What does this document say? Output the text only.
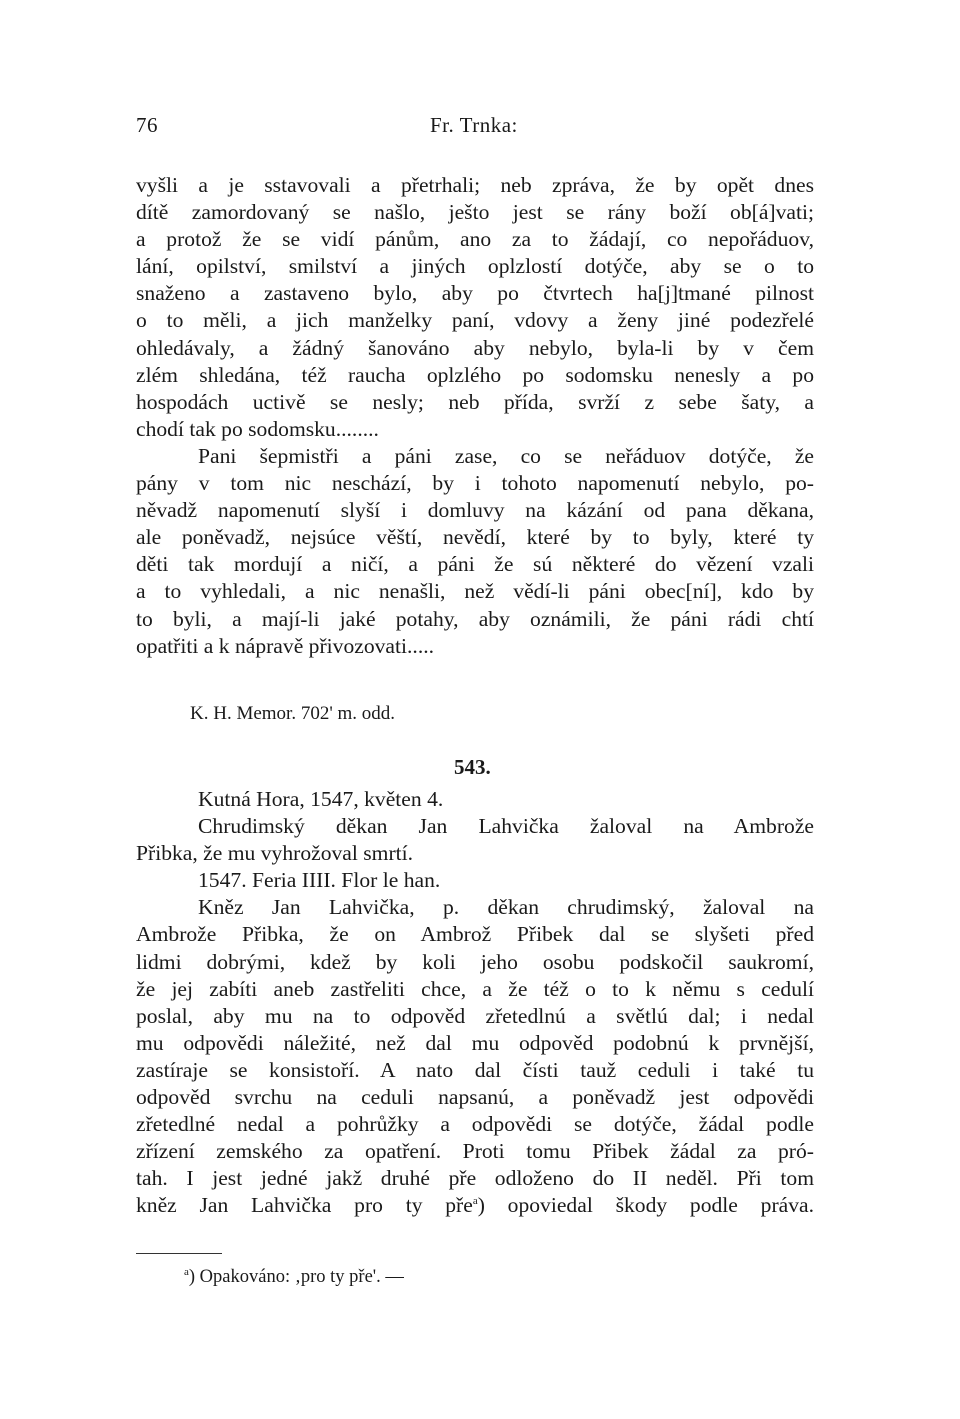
76	Fr. Trnka:
vyšli a je sstavovali a přetrhali; neb zpráva, že by opět dnes
dítě zamordovaný se našlo, ješto jest se rány boží ob[á]vati;
a protož že se vidí pánům, ano za to žádají, co nepořáduov,
lání, opilství, smilství a jiných oplzlostí dotýče, aby se o to
snaženo a zastaveno bylo, aby po čtvrtech ha[j]tmané pilnost
o to měli, a jich manželky paní, vdovy a ženy jiné podezřelé
ohledávaly, a žádný šanováno aby nebylo, byla-li by v čem
zlém shledána, též raucha oplzlého po sodomsku nenesly a po
hospodách uctivě se nesly; neb přída, svrží z sebe šaty, a
chodí tak po sodomsku........
Pani šepmistři a páni zase, co se neřáduov dotýče, že
pány v tom nic neschází, by i tohoto napomenutí nebylo, po-
něvadž napomenutí slyší i domluvy na kázání od pana děkana,
ale poněvadž, nejsúce věští, nevědí, které by to byly, které ty
děti tak mordují a ničí, a páni že sú některé do vězení vzali
a to vyhledali, a nic nenašli, než vědí-li páni obec[ní], kdo by
to byli, a mají-li jaké potahy, aby oznámili, že páni rádi chtí
opatřiti a k nápravě přivozovati.....
K. H. Memor. 702' m. odd.
543.
Kutná Hora, 1547, květen 4.
Chrudimský děkan Jan Lahvička žaloval na Ambrože
Přibka, že mu vyhrožoval smrtí.
1547. Feria IIII. Flor le han.
Kněz Jan Lahvička, p. děkan chrudimský, žaloval na
Ambrože Přibka, že on Ambrož Přibek dal se slyšeti před
lidmi dobrými, kdež by koli jeho osobu podskočil saukromí,
že jej zabíti aneb zastřeliti chce, a že též o to k němu s cedulí
poslal, aby mu na to odpověd zřetedlnú a světlú dal; i nedal
mu odpovědi náležité, než dal mu odpověd podobnú k prvnější,
zastíraje se konsistoří. A nato dal čísti tauž ceduli i také tu
odpověd svrchu na ceduli napsanú, a poněvadž jest odpovědi
zřetedlné nedal a pohrůžky a odpovědi se dotýče, žádal podle
zřízení zemského za opatření. Proti tomu Přibek žádal za pró-
tah. I jest jedné jakž druhé pře odloženo do II neděl. Při tom
kněz Jan Lahvička pro ty pře$^a$) opoviedal škody podle práva.
$^a$) Opakováno: ‚pro ty pře'. —
